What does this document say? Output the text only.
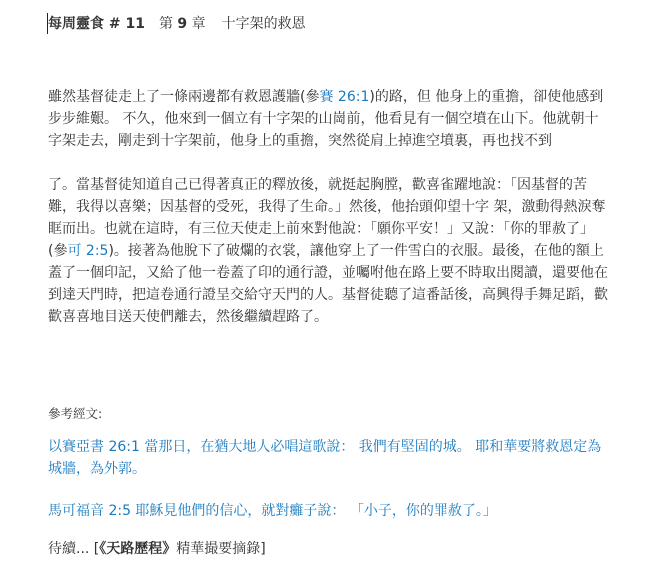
每周靈食 # 11 第 9 章 十字架的救恩

雖然基督徒走上了一條兩邊都有救恩護牆(參賽 26:1)的路，但 他身上的重擔，卻使他感到步步維艱。 不久，他來到一個立有十字架的山崗前，他看見有一個空墳在山下。他就朝十 字架走去，剛走到十字架前，他身上的重擔，突然從肩上掉進空墳裏，再也找不到

了。當基督徒知道自己已得著真正的釋放後，就挺起胸膛，歡喜雀躍地說：「因基督的苦難，我得以喜樂；因基督的受死，我得了生命。」然後，他抬頭仰望十字 架，激動得熱淚奪眶而出。也就在這時，有三位天使走上前來對他說：「願你平安！」又說：「你的罪赦了」(參可 2:5)。接著為他脫下了破爛的衣裳，讓他穿上了一件雪白的衣服。最後，在他的額上蓋了一個印記，又給了他一卷蓋了印的通行證，並囑咐他在路上要不時取出閱讀，還要他在到達天門時，把這卷通行證呈交給守天門的人。基督徒聽了這番話後，高興得手舞足蹈，歡歡喜喜地目送天使們離去，然後繼續趕路了。

參考經文:
以賽亞書 26:1 當那日，在猶大地人必唱這歌說： 我們有堅固的城。 耶和華要將救恩定為城牆，為外郭。
馬可福音 2:5 耶穌見他們的信心，就對癱子說： 「小子，你的罪赦了。」
待續... [《天路歷程》精華撮要摘錄]
